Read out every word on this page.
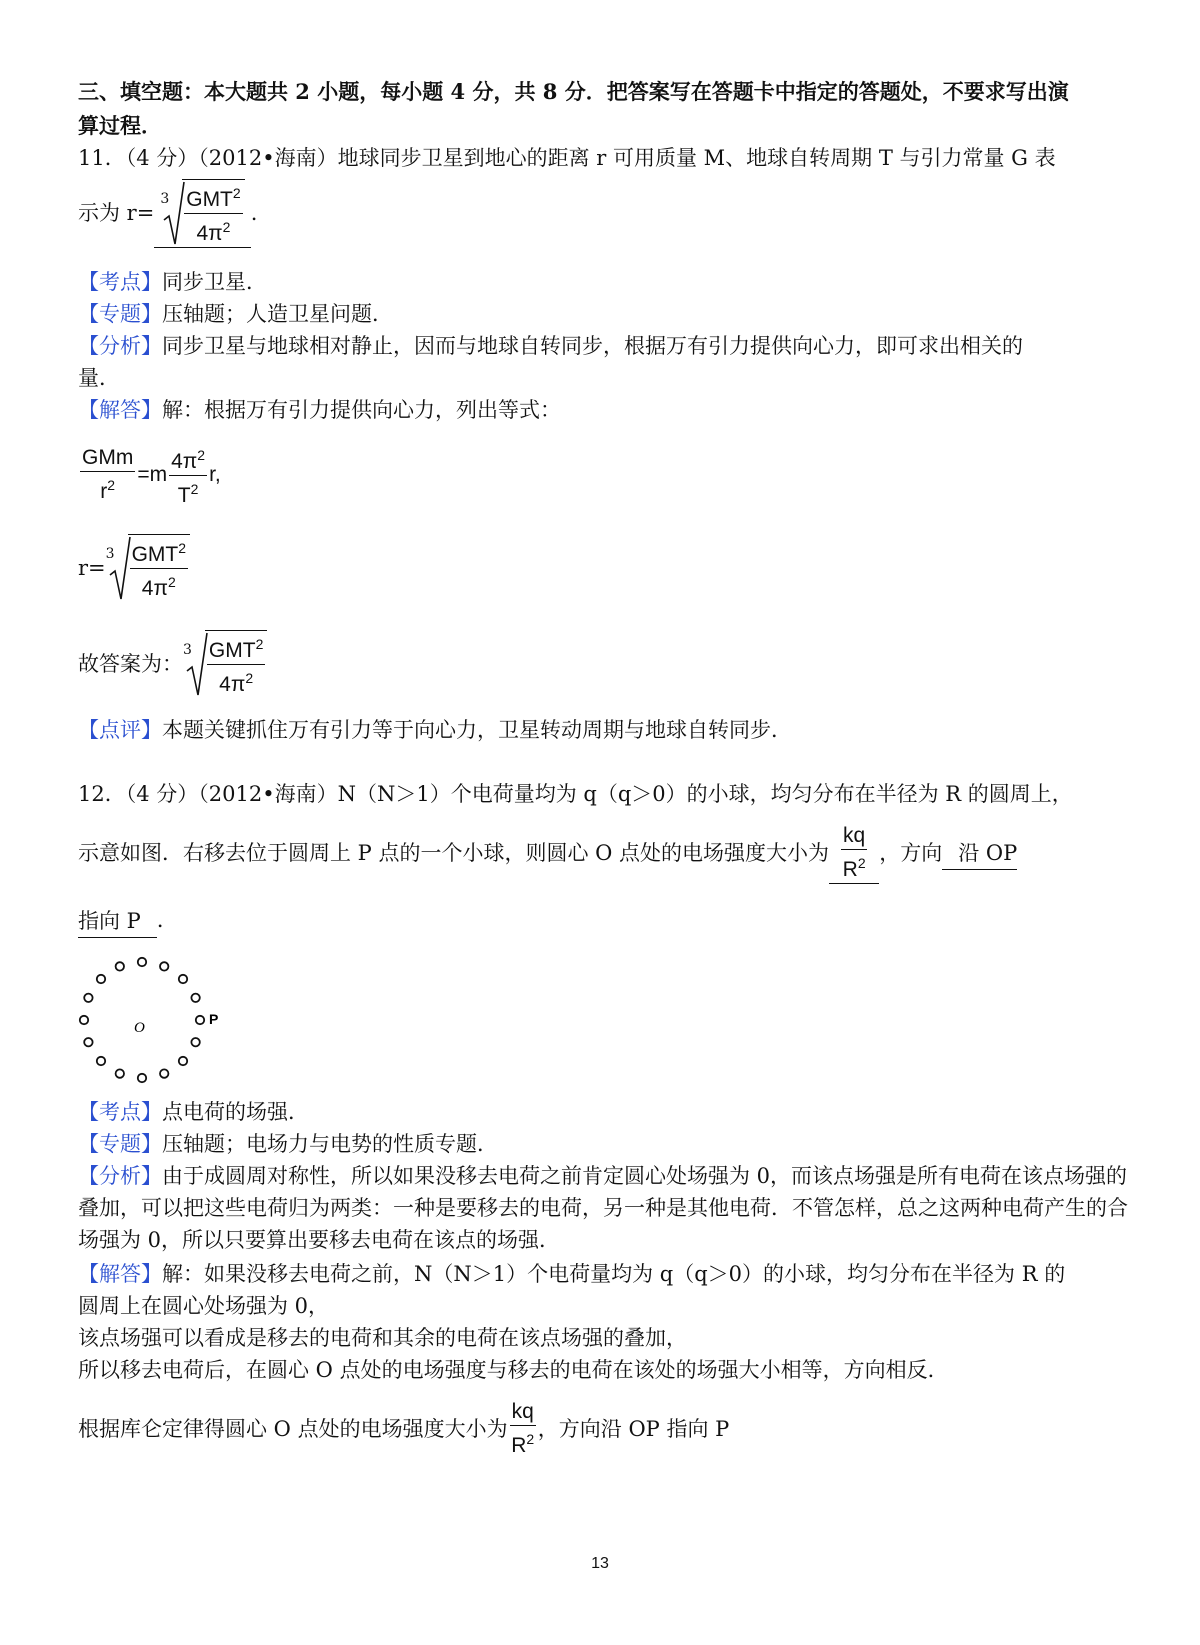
三、填空题：本大题共 2 小题，每小题 4 分，共 8 分．把答案写在答题卡中指定的答题处，不要求写出演
算过程．
11．（4 分）（2012•海南）地球同步卫星到地心的距离 r 可用质量 M、地球自转周期 T 与引力常量 G 表
示为 r=
$3 \frac{GMT^2}{4\pi^2}$ .
【考点】同步卫星．
【专题】压轴题；人造卫星问题．
【分析】同步卫星与地球相对静止，因而与地球自转同步，根据万有引力提供向心力，即可求出相关的
量．
【解答】解：根据万有引力提供向心力，列出等式：
$\frac{\text{GMm}}{r^2} =m \frac{4\pi^2}{T^2} r$,
r=
$3 \frac{GMT^2}{4\pi^2}$
故答案为：
$3 \frac{GMT^2}{4\pi^2}$
【点评】本题关键抓住万有引力等于向心力，卫星转动周期与地球自转同步．
12．（4 分）（2012•海南）N（N＞1）个电荷量均为 q（q＞0）的小球，均匀分布在半径为 R 的圆周上，
示意如图．右移去位于圆周上 P 点的一个小球，则圆心 O 点处的电场强度大小为 $\frac{kq}{R^2}$ ，方向 沿 OP
指向 P ．
O
P
【考点】点电荷的场强．
【专题】压轴题；电场力与电势的性质专题．
【分析】由于成圆周对称性，所以如果没移去电荷之前肯定圆心处场强为 0，而该点场强是所有电荷在该点场强的叠加，可以把这些电荷归为两类：一种是要移去的电荷，另一种是其他电荷．不管怎样，总之这两种电荷产生的合场强为 0，所以只要算出要移去电荷在该点的场强．
【解答】解：如果没移去电荷之前，N（N＞1）个电荷量均为 q（q＞0）的小球，均匀分布在半径为 R 的
圆周上在圆心处场强为 0，
该点场强可以看成是移去的电荷和其余的电荷在该点场强的叠加，
所以移去电荷后，在圆心 O 点处的电场强度与移去的电荷在该处的场强大小相等，方向相反．
根据库仑定律得圆心 O 点处的电场强度大小为 $\frac{kq}{R^2}$ ，方向沿 OP 指向 P
13
